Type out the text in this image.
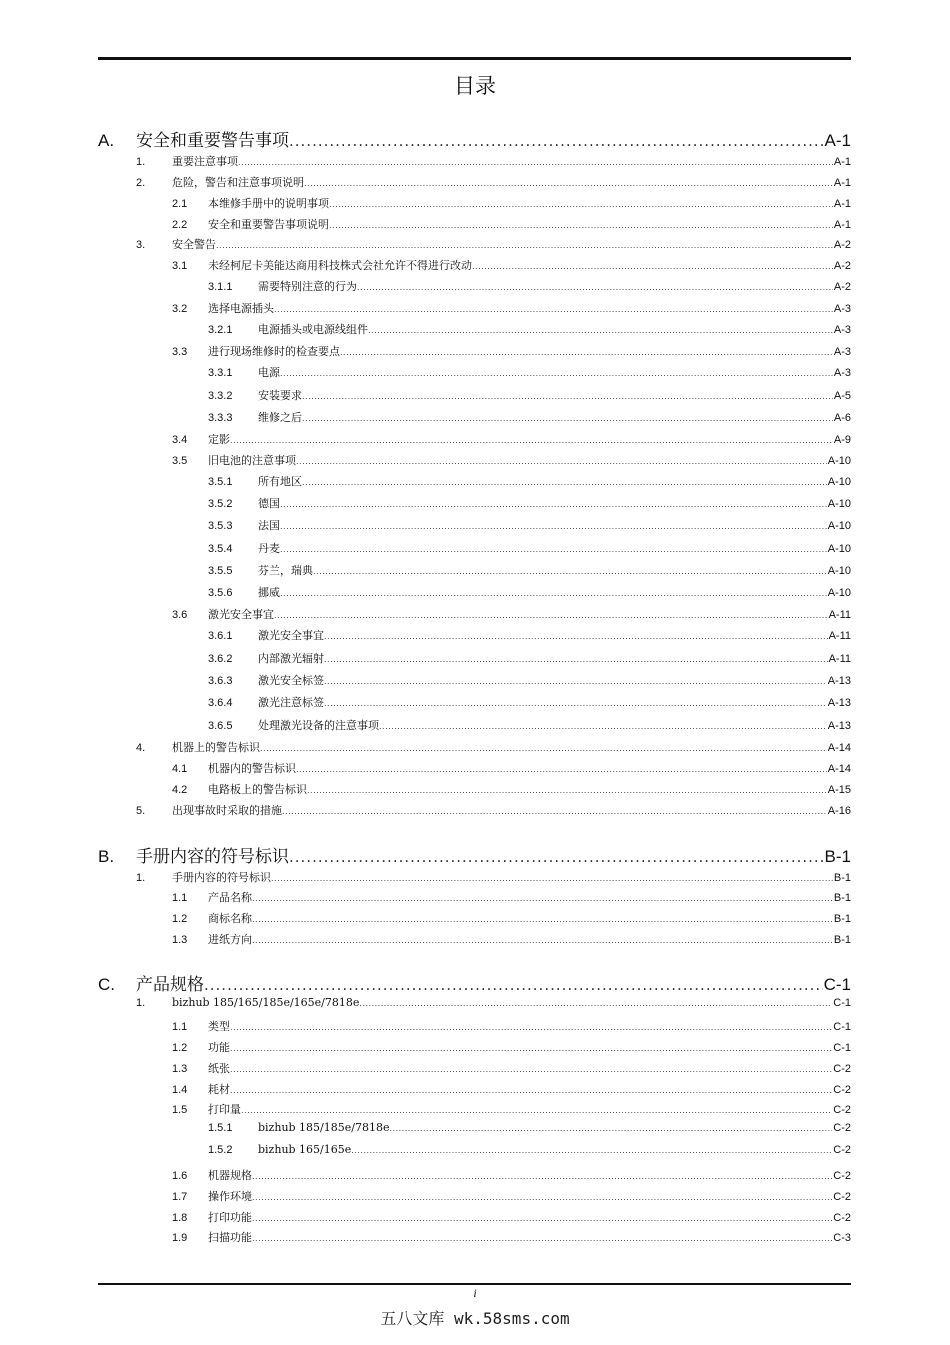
目录
A.	安全和重要警告事项 .....	A-1
1.	重要注意事项 .....	A-1
2.	危险，警告和注意事项说明 .....	A-1
2.1	本维修手册中的说明事项 .....	A-1
2.2	安全和重要警告事项说明 .....	A-1
3.	安全警告 .....	A-2
3.1	未经柯尼卡美能达商用科技株式会社允许不得进行改动 .....	A-2
3.1.1	需要特别注意的行为 .....	A-2
3.2	选择电源插头 .....	A-3
3.2.1	电源插头或电源线组件 .....	A-3
3.3	进行现场维修时的检查要点 .....	A-3
3.3.1	电源 .....	A-3
3.3.2	安装要求 .....	A-5
3.3.3	维修之后 .....	A-6
3.4	定影 .....	A-9
3.5	旧电池的注意事项 .....	A-10
3.5.1	所有地区 .....	A-10
3.5.2	德国 .....	A-10
3.5.3	法国 .....	A-10
3.5.4	丹麦 .....	A-10
3.5.5	芬兰，瑞典 .....	A-10
3.5.6	挪威 .....	A-10
3.6	激光安全事宜 .....	A-11
3.6.1	激光安全事宜 .....	A-11
3.6.2	内部激光辐射 .....	A-11
3.6.3	激光安全标签 .....	A-13
3.6.4	激光注意标签 .....	A-13
3.6.5	处理激光设备的注意事项 .....	A-13
4.	机器上的警告标识 .....	A-14
4.1	机器内的警告标识 .....	A-14
4.2	电路板上的警告标识 .....	A-15
5.	出现事故时采取的措施 .....	A-16
B.	手册内容的符号标识 .....	B-1
1.	手册内容的符号标识 .....	B-1
1.1	产品名称 .....	B-1
1.2	商标名称 .....	B-1
1.3	进纸方向 .....	B-1
C.	产品规格 .....	C-1
1.	bizhub 185/165/185e/165e/7818e .....	C-1
1.1	类型 .....	C-1
1.2	功能 .....	C-1
1.3	纸张 .....	C-2
1.4	耗材 .....	C-2
1.5	打印量 .....	C-2
1.5.1	bizhub 185/185e/7818e .....	C-2
1.5.2	bizhub 165/165e .....	C-2
1.6	机器规格 .....	C-2
1.7	操作环境 .....	C-2
1.8	打印功能 .....	C-2
1.9	扫描功能 .....	C-3
i
五八文库 wk.58sms.com
